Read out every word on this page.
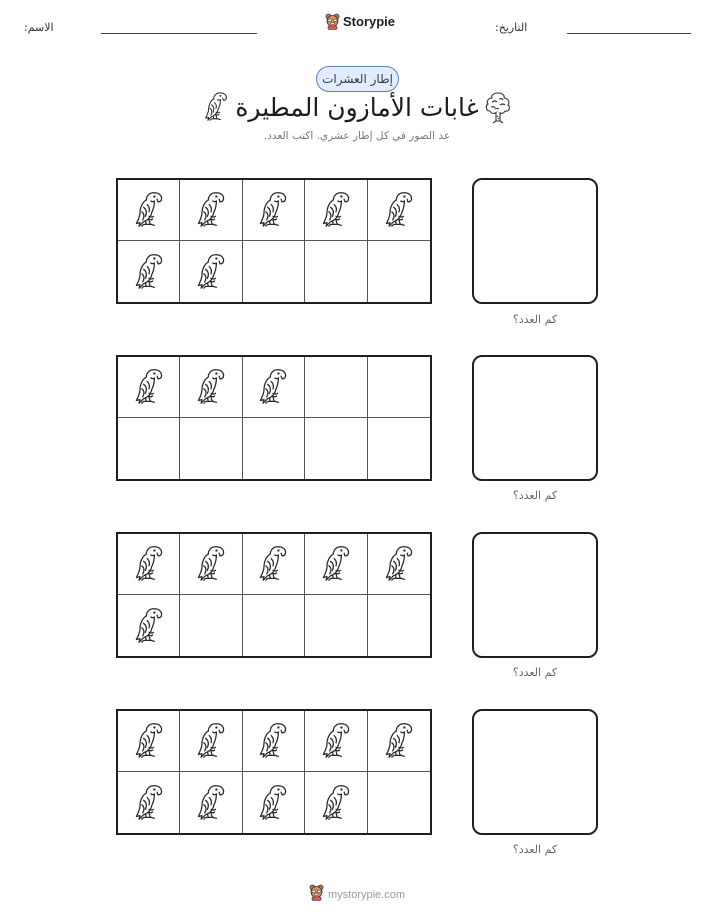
الاسم:	Storypie	التاريخ:
إطار العشرات
غابات الأمازون المطيرة
عد الصور في كل إطار عشري. اكتب العدد.
كم العدد؟
كم العدد؟
كم العدد؟
كم العدد؟
mystorypie.com
